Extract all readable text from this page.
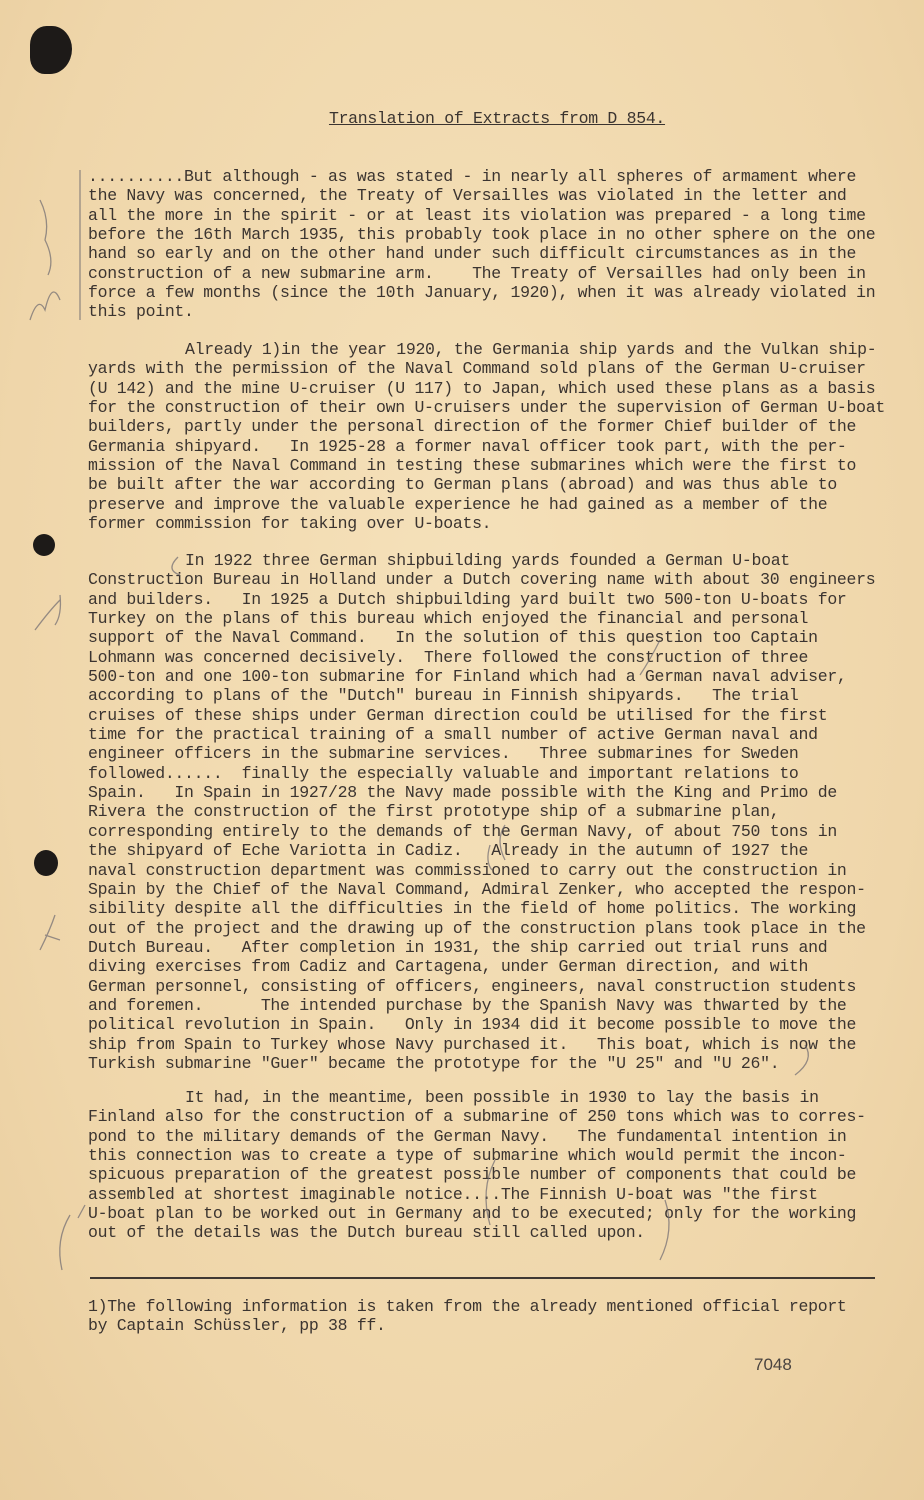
Translation of Extracts from D 854.
..........But although - as was stated - in nearly all spheres of armament where
the Navy was concerned, the Treaty of Versailles was violated in the letter and
all the more in the spirit - or at least its violation was prepared - a long time
before the 16th March 1935, this probably took place in no other sphere on the one
hand so early and on the other hand under such difficult circumstances as in the
construction of a new submarine arm.    The Treaty of Versailles had only been in
force a few months (since the 10th January, 1920), when it was already violated in
this point.
Already 1)in the year 1920, the Germania ship yards and the Vulkan ship-
yards with the permission of the Naval Command sold plans of the German U-cruiser
(U 142) and the mine U-cruiser (U 117) to Japan, which used these plans as a basis
for the construction of their own U-cruisers under the supervision of German U-boat
builders, partly under the personal direction of the former Chief builder of the
Germania shipyard.   In 1925-28 a former naval officer took part, with the per-
mission of the Naval Command in testing these submarines which were the first to
be built after the war according to German plans (abroad) and was thus able to
preserve and improve the valuable experience he had gained as a member of the
former commission for taking over U-boats.
In 1922 three German shipbuilding yards founded a German U-boat
Construction Bureau in Holland under a Dutch covering name with about 30 engineers
and builders.   In 1925 a Dutch shipbuilding yard built two 500-ton U-boats for
Turkey on the plans of this bureau which enjoyed the financial and personal
support of the Naval Command.   In the solution of this question too Captain
Lohmann was concerned decisively.  There followed the construction of three
500-ton and one 100-ton submarine for Finland which had a German naval adviser,
according to plans of the "Dutch" bureau in Finnish shipyards.   The trial
cruises of these ships under German direction could be utilised for the first
time for the practical training of a small number of active German naval and
engineer officers in the submarine services.   Three submarines for Sweden
followed......  finally the especially valuable and important relations to
Spain.   In Spain in 1927/28 the Navy made possible with the King and Primo de
Rivera the construction of the first prototype ship of a submarine plan,
corresponding entirely to the demands of the German Navy, of about 750 tons in
the shipyard of Eche Variotta in Cadiz.   Already in the autumn of 1927 the
naval construction department was commissioned to carry out the construction in
Spain by the Chief of the Naval Command, Admiral Zenker, who accepted the respon-
sibility despite all the difficulties in the field of home politics. The working
out of the project and the drawing up of the construction plans took place in the
Dutch Bureau.   After completion in 1931, the ship carried out trial runs and
diving exercises from Cadiz and Cartagena, under German direction, and with
German personnel, consisting of officers, engineers, naval construction students
and foremen.      The intended purchase by the Spanish Navy was thwarted by the
political revolution in Spain.   Only in 1934 did it become possible to move the
ship from Spain to Turkey whose Navy purchased it.   This boat, which is now the
Turkish submarine "Guer" became the prototype for the "U 25" and "U 26".
It had, in the meantime, been possible in 1930 to lay the basis in
Finland also for the construction of a submarine of 250 tons which was to corres-
pond to the military demands of the German Navy.   The fundamental intention in
this connection was to create a type of submarine which would permit the incon-
spicuous preparation of the greatest possible number of components that could be
assembled at shortest imaginable notice....The Finnish U-boat was "the first
U-boat plan to be worked out in Germany and to be executed; only for the working
out of the details was the Dutch bureau still called upon.
1)The following information is taken from the already mentioned official report
by Captain Schüssler, pp 38 ff.
7048
